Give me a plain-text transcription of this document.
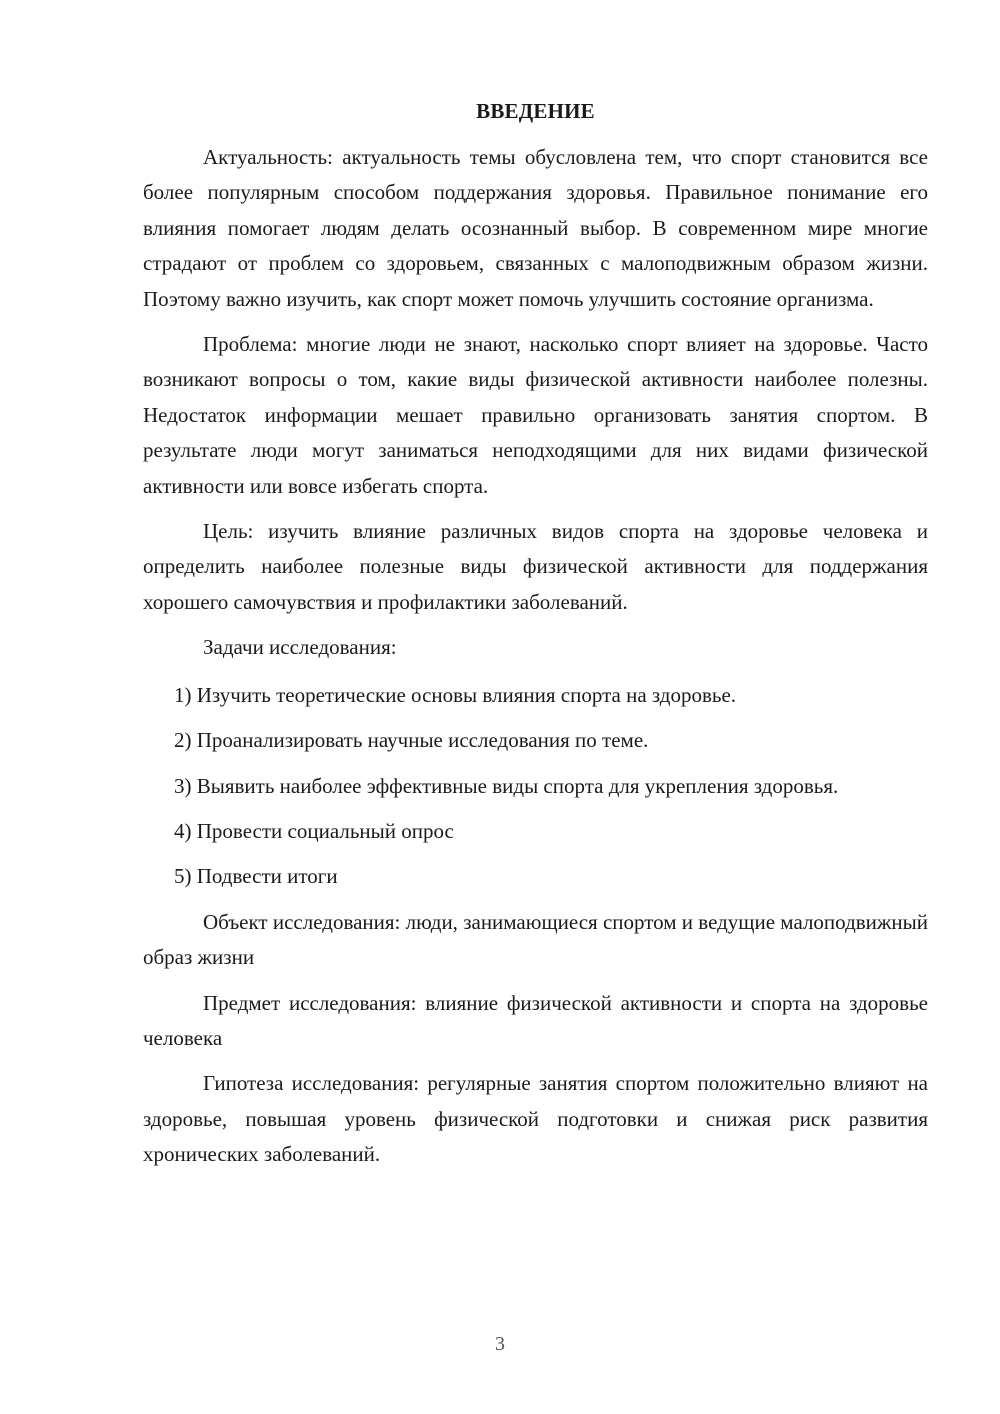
ВВЕДЕНИЕ

Актуальность: актуальность темы обусловлена тем, что спорт становится все более популярным способом поддержания здоровья. Правильное понимание его влияния помогает людям делать осознанный выбор. В современном мире многие страдают от проблем со здоровьем, связанных с малоподвижным образом жизни. Поэтому важно изучить, как спорт может помочь улучшить состояние организма.

Проблема: многие люди не знают, насколько спорт влияет на здоровье. Часто возникают вопросы о том, какие виды физической активности наиболее полезны. Недостаток информации мешает правильно организовать занятия спортом. В результате люди могут заниматься неподходящими для них видами физической активности или вовсе избегать спорта.

Цель: изучить влияние различных видов спорта на здоровье человека и определить наиболее полезные виды физической активности для поддержания хорошего самочувствия и профилактики заболеваний.

Задачи исследования:

1) Изучить теоретические основы влияния спорта на здоровье.

2) Проанализировать научные исследования по теме.

3) Выявить наиболее эффективные виды спорта для укрепления здоровья.

4) Провести социальный опрос

5) Подвести итоги

Объект исследования: люди, занимающиеся спортом и ведущие малоподвижный образ жизни

Предмет исследования: влияние физической активности и спорта на здоровье человека

Гипотеза исследования: регулярные занятия спортом положительно влияют на здоровье, повышая уровень физической подготовки и снижая риск развития хронических заболеваний.

3
